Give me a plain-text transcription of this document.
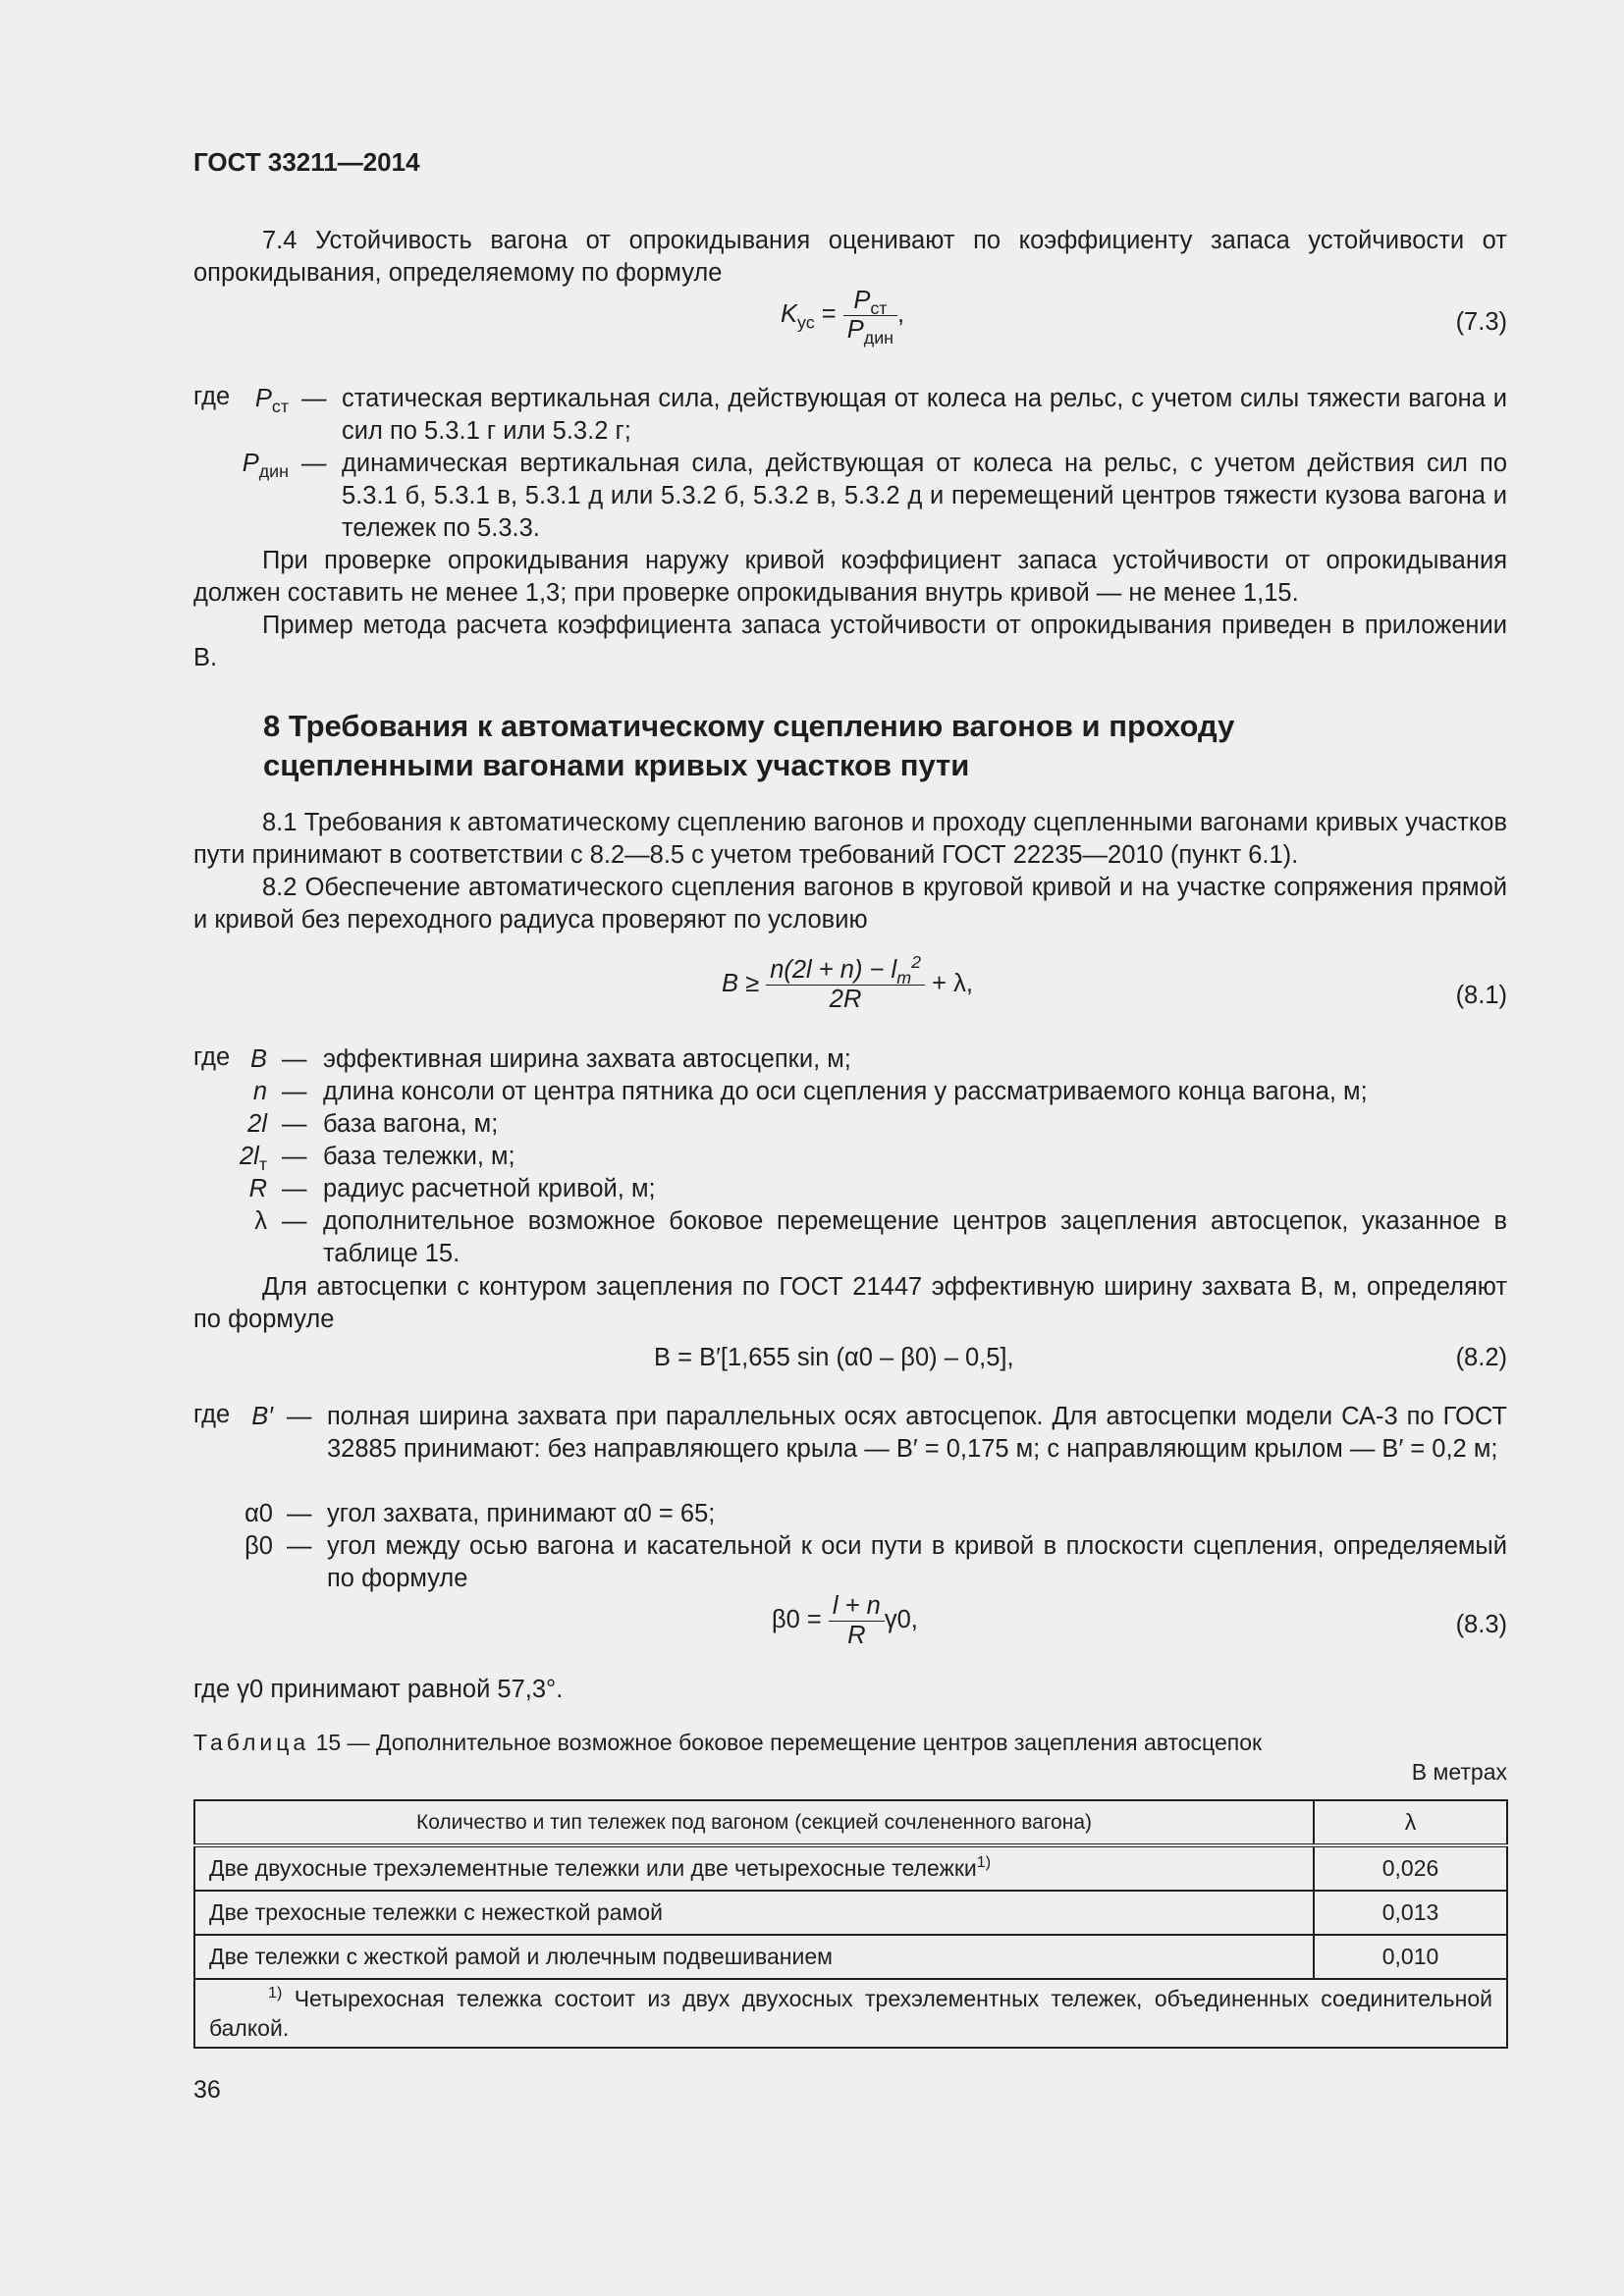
ГОСТ 33211—2014
7.4 Устойчивость вагона от опрокидывания оценивают по коэффициенту запаса устойчивости от опрокидывания, определяемому по формуле
$K_{ус} = \frac{P_{ст}}{P_{дин}}$ ,	(7.3)
где $P_{ст}$ — статическая вертикальная сила, действующая от колеса на рельс, с учетом силы тяжести вагона и сил по 5.3.1 г или 5.3.2 г;
$P_{дин}$ — динамическая вертикальная сила, действующая от колеса на рельс, с учетом действия сил по 5.3.1 б, 5.3.1 в, 5.3.1 д или 5.3.2 б, 5.3.2 в, 5.3.2 д и перемещений центров тяжести кузова вагона и тележек по 5.3.3.
При проверке опрокидывания наружу кривой коэффициент запаса устойчивости от опрокидывания должен составить не менее 1,3; при проверке опрокидывания внутрь кривой — не менее 1,15.
Пример метода расчета коэффициента запаса устойчивости от опрокидывания приведен в приложении В.
8 Требования к автоматическому сцеплению вагонов и проходу
сцепленными вагонами кривых участков пути
8.1 Требования к автоматическому сцеплению вагонов и проходу сцепленными вагонами кривых участков пути принимают в соответствии с 8.2—8.5 с учетом требований ГОСТ 22235—2010 (пункт 6.1).
8.2 Обеспечение автоматического сцепления вагонов в круговой кривой и на участке сопряжения прямой и кривой без переходного радиуса проверяют по условию
$B \ge \frac{n(2l + n) - l_т^2}{2R} + \lambda$,	(8.1)
где B — эффективная ширина захвата автосцепки, м;
n — длина консоли от центра пятника до оси сцепления у рассматриваемого конца вагона, м;
2l — база вагона, м;
$2l_т$ — база тележки, м;
R — радиус расчетной кривой, м;
λ — дополнительное возможное боковое перемещение центров зацепления автосцепок, указанное в таблице 15.
Для автосцепки с контуром зацепления по ГОСТ 21447 эффективную ширину захвата B, м, определяют по формуле
B = B′[1,655 sin (α0 – β0) – 0,5],	(8.2)
где B′ — полная ширина захвата при параллельных осях автосцепок. Для автосцепки модели СА-3 по ГОСТ 32885 принимают: без направляющего крыла — B′ = 0,175 м; с направляющим крылом — B′ = 0,2 м;
α0 — угол захвата, принимают α0 = 65;
β0 — угол между осью вагона и касательной к оси пути в кривой в плоскости сцепления, определяемый по формуле
$\beta 0 = \frac{l + n}{R} \gamma 0$,	(8.3)
где γ0 принимают равной 57,3°.
Таблица 15 — Дополнительное возможное боковое перемещение центров зацепления автосцепок
В метрах
Количество и тип тележек под вагоном (секцией сочлененного вагона)	λ
Две двухосные трехэлементные тележки или две четырехосные тележки$^{1)}$	0,026
Две трехосные тележки с нежесткой рамой	0,013
Две тележки с жесткой рамой и люлечным подвешиванием	0,010
$^{1)}$ Четырехосная тележка состоит из двух двухосных трехэлементных тележек, объединенных соединительной балкой.	
36
